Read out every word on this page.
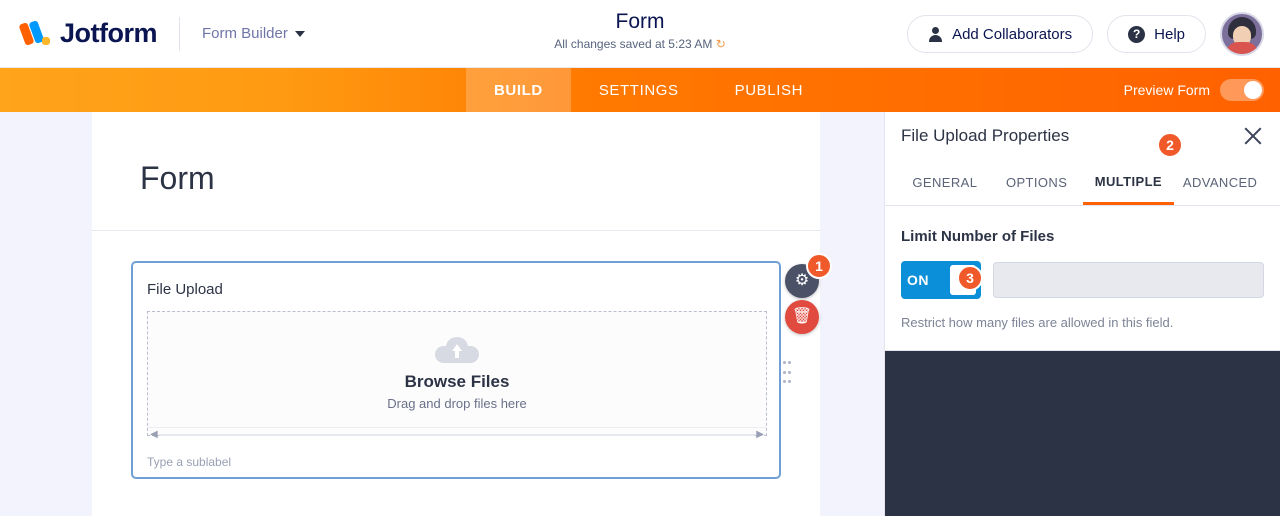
Jotform	Form Builder
Form
All changes saved at 5:23 AM ↻
Add Collaborators	? Help
BUILD	SETTINGS	PUBLISH	Preview Form
Form
File Upload
Browse Files
Drag and drop files here
◀	▶
Type a sublabel
⚙
🗑
1
File Upload Properties
GENERAL	OPTIONS	MULTIPLE	ADVANCED
2
Limit Number of Files
ON	3
Restrict how many files are allowed in this field.
